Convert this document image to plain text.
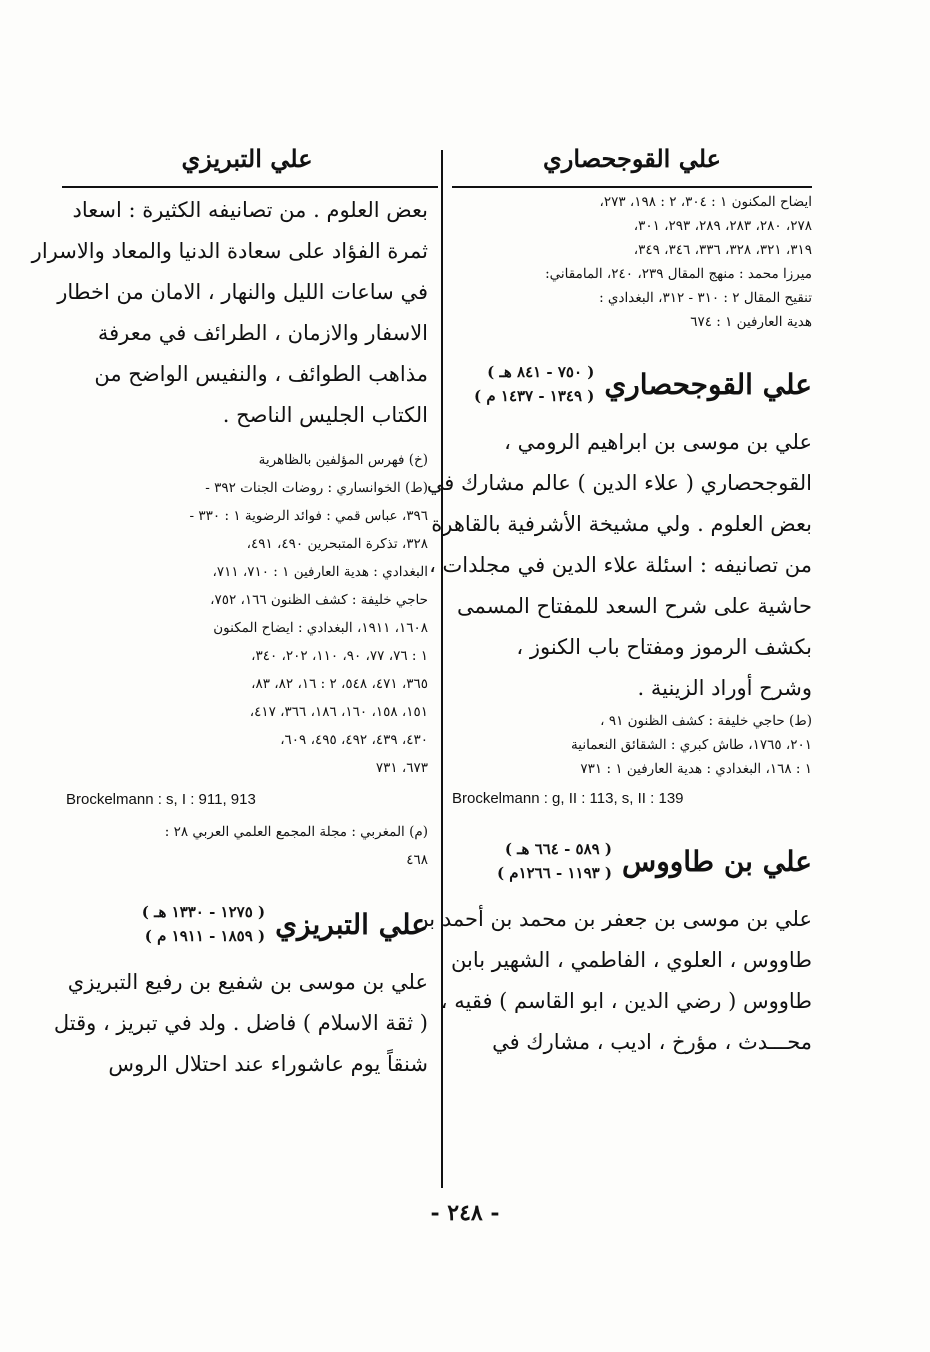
علي القوجحصاري
ايضاح المكنون ١ : ٣٠٤، ٢ : ١٩٨، ٢٧٣،
٢٧٨، ٢٨٠، ٢٨٣، ٢٨٩، ٢٩٣، ٣٠١،
٣١٩، ٣٢١، ٣٢٨، ٣٣٦، ٣٤٦، ٣٤٩،
ميرزا محمد : منهج المقال ٢٣٩، ٢٤٠، المامقاني:
تنقيح المقال ٢ : ٣١٠ - ٣١٢، البغدادي :
هدية العارفين ١ : ٦٧٤
علي القوجحصاري
( ٧٥٠ - ٨٤١ هـ )
( ١٣٤٩ - ١٤٣٧ م )
علي بن موسى بن ابراهيم الرومي ،
القوجحصاري ( علاء الدين ) عالم مشارك في
بعض العلوم . ولي مشيخة الأشرفية بالقاهرة
من تصانيفه : اسئلة علاء الدين في مجلدات ،
حاشية على شرح السعد للمفتاح المسمى
بكشف الرموز ومفتاح باب الكنوز ،
وشرح أوراد الزينية .
(ط) حاجي خليفة : كشف الظنون ٩١ ،
٢٠١، ١٧٦٥، طاش كبري : الشقائق النعمانية
١ : ١٦٨، البغدادي : هدية العارفين ١ : ٧٣١
Brockelmann : g, II : 113, s, II : 139
علي بن طاووس
( ٥٨٩ - ٦٦٤ هـ )
( ١١٩٣ - ١٢٦٦م )
علي بن موسى بن جعفر بن محمد بن أحمد بن
طاووس ، العلوي ، الفاطمي ، الشهير بابن
طاووس ( رضي الدين ، ابو القاسم ) فقيه ،
محـــدث ، مؤرخ ، اديب ، مشارك في
علي التبريزي
بعض العلوم . من تصانيفه الكثيرة : اسعاد
ثمرة الفؤاد على سعادة الدنيا والمعاد والاسرار
في ساعات الليل والنهار ، الامان من اخطار
الاسفار والازمان ، الطرائف في معرفة
مذاهب الطوائف ، والنفيس الواضح من
الكتاب الجليس الناصح .
(خ) فهرس المؤلفين بالظاهرية
(ط) الخوانساري : روضات الجنات ٣٩٢ -
٣٩٦، عباس قمي : فوائد الرضوية ١ : ٣٣٠ -
٣٢٨، تذكرة المتبحرين ٤٩٠، ٤٩١،
البغدادي : هدية العارفين ١ : ٧١٠، ٧١١،
حاجي خليفة : كشف الظنون ١٦٦، ٧٥٢،
١٦٠٨، ١٩١١، البغدادي : ايضاح المكنون
١ : ٧٦، ٧٧، ٩٠، ١١٠، ٢٠٢، ٣٤٠،
٣٦٥، ٤٧١، ٥٤٨، ٢ : ١٦، ٨٢، ٨٣،
١٥١، ١٥٨، ١٦٠، ١٨٦، ٣٦٦، ٤١٧،
٤٣٠، ٤٣٩، ٤٩٢، ٤٩٥، ٦٠٩،
٦٧٣، ٧٣١
Brockelmann : s, I : 911, 913
(م) المغربي : مجلة المجمع العلمي العربي ٢٨ :
٤٦٨
علي التبريزي
( ١٢٧٥ - ١٣٣٠ هـ )
( ١٨٥٩ - ١٩١١ م )
علي بن موسى بن شفيع بن رفيع التبريزي
( ثقة الاسلام ) فاضل . ولد في تبريز ، وقتل
شنقاً يوم عاشوراء عند احتلال الروس
- ٢٤٨ -
